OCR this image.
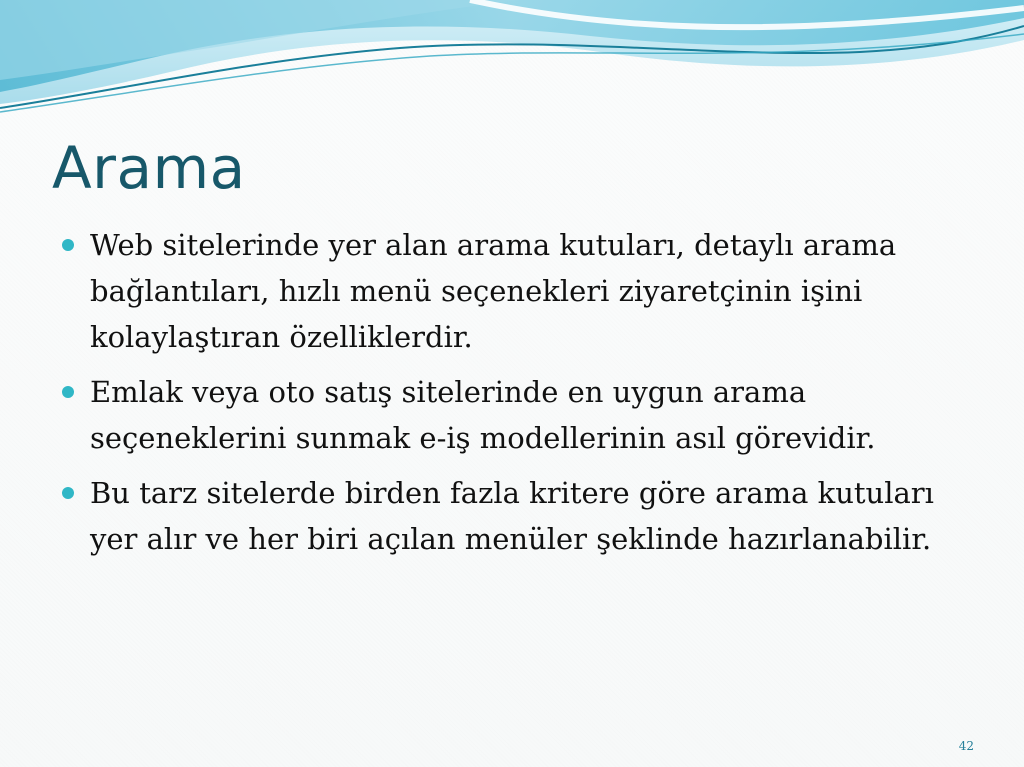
Arama
Web sitelerinde yer alan arama kutuları, detaylı arama bağlantıları, hızlı menü seçenekleri ziyaretçinin işini kolaylaştıran özelliklerdir.
Emlak veya oto satış sitelerinde en uygun arama seçeneklerini sunmak e-iş modellerinin asıl görevidir.
Bu tarz sitelerde birden fazla kritere göre arama kutuları yer alır ve her biri açılan menüler şeklinde hazırlanabilir.
42
